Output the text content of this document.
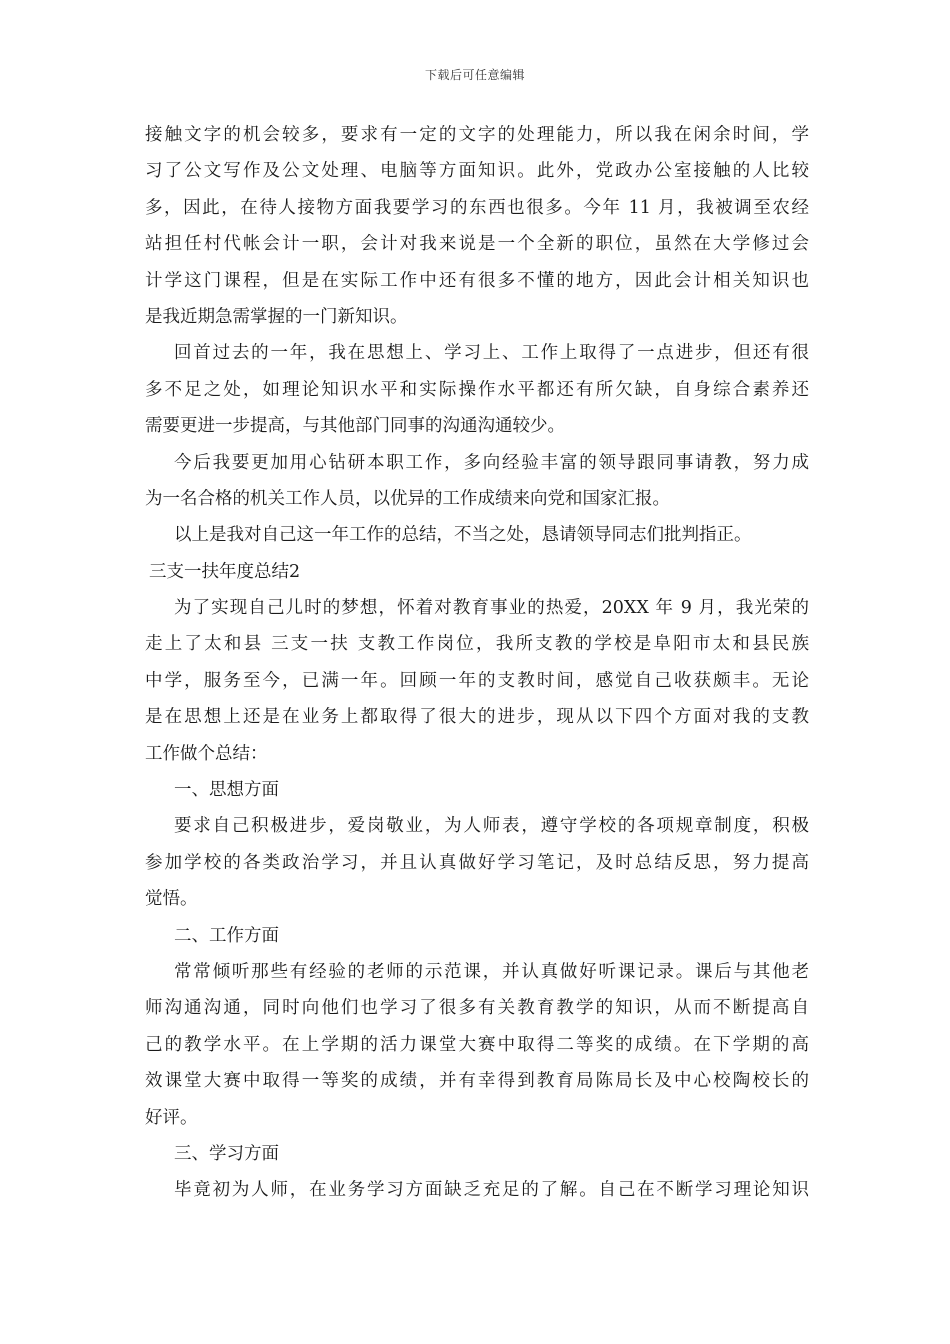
下载后可任意编辑
接触文字的机会较多，要求有一定的文字的处理能力，所以我在闲余时间，学
习了公文写作及公文处理、电脑等方面知识。此外，党政办公室接触的人比较
多，因此，在待人接物方面我要学习的东西也很多。今年 11 月，我被调至农经
站担任村代帐会计一职，会计对我来说是一个全新的职位，虽然在大学修过会
计学这门课程，但是在实际工作中还有很多不懂的地方，因此会计相关知识也
是我近期急需掌握的一门新知识。
回首过去的一年，我在思想上、学习上、工作上取得了一点进步，但还有很
多不足之处，如理论知识水平和实际操作水平都还有所欠缺，自身综合素养还
需要更进一步提高，与其他部门同事的沟通沟通较少。
今后我要更加用心钻研本职工作，多向经验丰富的领导跟同事请教，努力成
为一名合格的机关工作人员，以优异的工作成绩来向党和国家汇报。
以上是我对自己这一年工作的总结，不当之处，恳请领导同志们批判指正。
三支一扶年度总结2
为了实现自己儿时的梦想，怀着对教育事业的热爱，20XX 年 9 月，我光荣的
走上了太和县 三支一扶 支教工作岗位，我所支教的学校是阜阳市太和县民族
中学，服务至今，已满一年。回顾一年的支教时间，感觉自己收获颇丰。无论
是在思想上还是在业务上都取得了很大的进步，现从以下四个方面对我的支教
工作做个总结：
一、思想方面
要求自己积极进步，爱岗敬业，为人师表，遵守学校的各项规章制度，积极
参加学校的各类政治学习，并且认真做好学习笔记，及时总结反思，努力提高
觉悟。
二、工作方面
常常倾听那些有经验的老师的示范课，并认真做好听课记录。课后与其他老
师沟通沟通，同时向他们也学习了很多有关教育教学的知识，从而不断提高自
己的教学水平。在上学期的活力课堂大赛中取得二等奖的成绩。在下学期的高
效课堂大赛中取得一等奖的成绩，并有幸得到教育局陈局长及中心校陶校长的
好评。
三、学习方面
毕竟初为人师，在业务学习方面缺乏充足的了解。自己在不断学习理论知识
